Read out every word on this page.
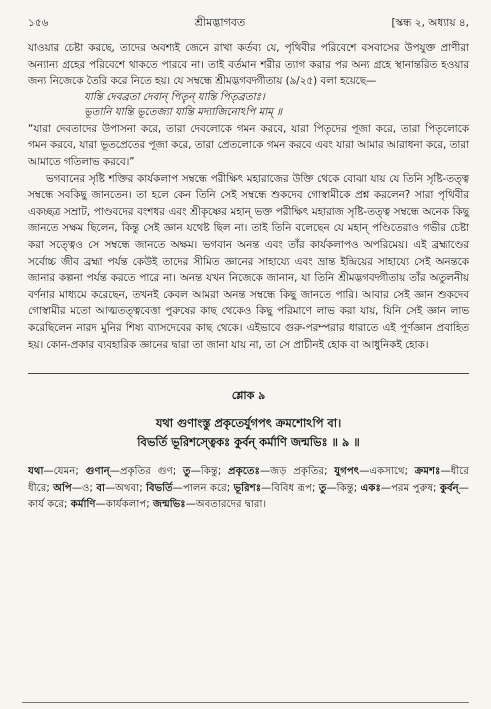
১৫৬	শ্রীমদ্ভাগবত	[স্কন্ধ ২, অধ্যায় ৪,

যাওয়ার চেষ্টা করছে, তাদের অবশ্যই জেনে রাখা কর্তব্য যে, পৃথিবীর পরিবেশে বসবাসের উপযুক্ত প্রাণীরা অন্যান্য গ্রহের পরিবেশে থাকতে পারবে না। তাই বর্তমান শরীর ত্যাগ করার পর অন্য গ্রহে স্থানান্তরিত হওয়ার জন্য নিজেকে তৈরি করে নিতে হয়। যে সম্বন্ধে শ্রীমদ্ভগবদ্গীতায় (৯/২৫) বলা হয়েছে—

যান্তি দেবব্রতা দেবান্ পিতৄন্ যান্তি পিতৃব্রতাঃ।

ভূতানি যান্তি ভূতেজ্যা যান্তি মদ্যাজিনোঽপি মাম্ ॥

“যারা দেবতাদের উপাসনা করে, তারা দেবলোকে গমন করবে, যারা পিতৃদের পূজা করে, তারা পিতৃলোকে গমন করবে, যারা ভূতপ্রেতের পূজা করে, তারা প্রেতলোকে গমন করবে এবং যারা আমার আরাধনা করে, তারা আমাতে গতিলাভ করবে।”

ভগবানের সৃষ্টি শক্তির কার্যকলাপ সম্বন্ধে পরীক্ষিৎ মহারাজের উক্তি থেকে বোঝা যায় যে তিনি সৃষ্টি-তত্ত্ব সম্বন্ধে সবকিছু জানতেন। তা হলে কেন তিনি সেই সম্বন্ধে শুকদেব গোস্বামীকে প্রশ্ন করলেন? সারা পৃথিবীর একচ্ছত্র সম্রাট, পাণ্ডবদের বংশধর এবং শ্রীকৃষ্ণের মহান্ ভক্ত পরীক্ষিৎ মহারাজ সৃষ্টি-তত্ত্ব সম্বন্ধে অনেক কিছু জানতে সক্ষম ছিলেন, কিন্তু সেই জ্ঞান যথেষ্ট ছিল না। তাই তিনি বলেছেন যে মহান্ পণ্ডিতেরাও গভীর চেষ্টা করা সত্ত্বেও সে সম্বন্ধে জানতে অক্ষম। ভগবান অনন্ত এবং তাঁর কার্যকলাপও অপরিমেয়। এই ব্রহ্মাণ্ডের সর্বোচ্চ জীব ব্রহ্মা পর্যন্ত কেউই তাদের সীমিত জ্ঞানের সাহায্যে এবং ভ্রান্ত ইন্দ্রিয়ের সাহায্যে সেই অনন্তকে জানার কল্পনা পর্যন্ত করতে পারে না। অনন্ত যখন নিজেকে জানান, যা তিনি শ্রীমদ্ভগবদ্গীতায় তাঁর অতুলনীয় বর্ণনার মাধ্যমে করেছেন, তখনই কেবল আমরা অনন্ত সম্বন্ধে কিছু জানতে পারি। আবার সেই জ্ঞান শুকদেব গোস্বামীর মতো আত্মতত্ত্ববেত্তা পুরুষের কাছ থেকেও কিছু পরিমাণে লাভ করা যায়, যিনি সেই জ্ঞান লাভ করেছিলেন নারদ মুনির শিষ্য ব্যাসদেবের কাছ থেকে। এইভাবে গুরু-পরম্পরার ধারাতে এই পূর্ণজ্ঞান প্রবাহিত হয়। কোন-প্রকার ব্যবহারিক জ্ঞানের দ্বারা তা জানা যায় না, তা সে প্রাচীনই হোক বা আধুনিকই হোক।

শ্লোক ৯
যথা গুণাংস্তু প্রকৃতের্যুগপৎ ক্রমশোঽপি বা।
বিভর্তি ভূরিশস্ত্বেকঃ কুর্বন্ কর্মাণি জন্মভিঃ ॥ ৯ ॥
যথা—যেমন; গুণান্—প্রকৃতির গুণ; তু—কিন্তু; প্রকৃতেঃ—জড় প্রকৃতির; যুগপৎ—একসাথে; ক্রমশঃ—ধীরে ধীরে; অপি—ও; বা—অথবা; বিভর্তি—পালন করে; ভূরিশঃ—বিবিধ রূপ; তু—কিন্তু; একঃ—পরম পুরুষ; কুর্বন্—কার্য করে; কর্মাণি—কার্যকলাপ; জন্মভিঃ—অবতারদের দ্বারা।
